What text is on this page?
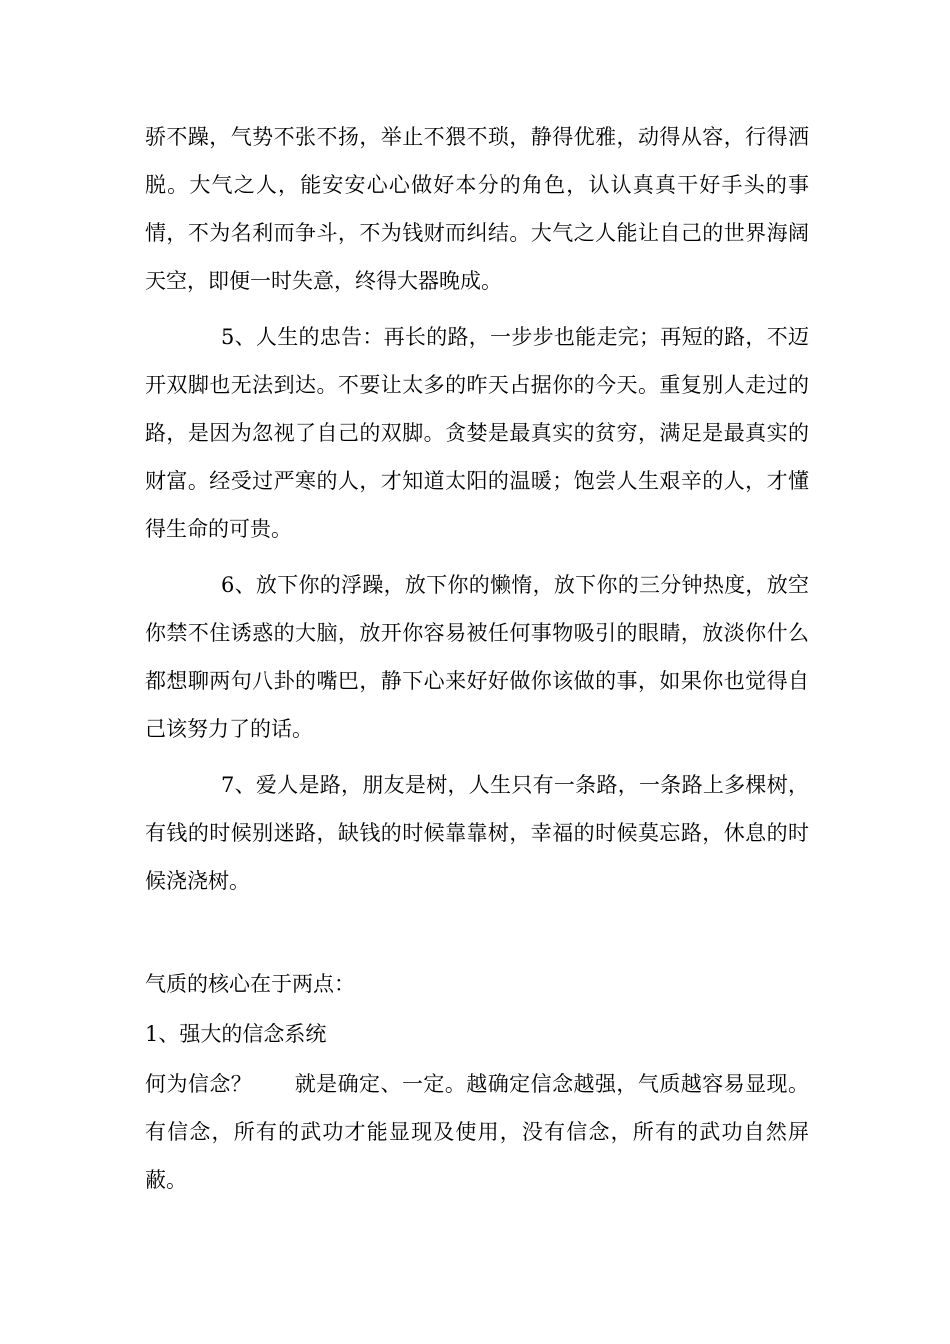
骄不躁，气势不张不扬，举止不猥不琐，静得优雅，动得从容，行得洒脱。大气之人，能安安心心做好本分的角色，认认真真干好手头的事情，不为名利而争斗，不为钱财而纠结。大气之人能让自己的世界海阔天空，即便一时失意，终得大器晚成。

5、人生的忠告：再长的路，一步步也能走完；再短的路，不迈开双脚也无法到达。不要让太多的昨天占据你的今天。重复别人走过的路，是因为忽视了自己的双脚。贪婪是最真实的贫穷，满足是最真实的财富。经受过严寒的人，才知道太阳的温暖；饱尝人生艰辛的人，才懂得生命的可贵。

6、放下你的浮躁，放下你的懒惰，放下你的三分钟热度，放空你禁不住诱惑的大脑，放开你容易被任何事物吸引的眼睛，放淡你什么都想聊两句八卦的嘴巴，静下心来好好做你该做的事，如果你也觉得自己该努力了的话。

7、爱人是路，朋友是树，人生只有一条路，一条路上多棵树，有钱的时候别迷路，缺钱的时候靠靠树，幸福的时候莫忘路，休息的时候浇浇树。

气质的核心在于两点：

1、强大的信念系统

何为信念？ 就是确定、一定。越确定信念越强，气质越容易显现。有信念，所有的武功才能显现及使用，没有信念，所有的武功自然屏蔽。
